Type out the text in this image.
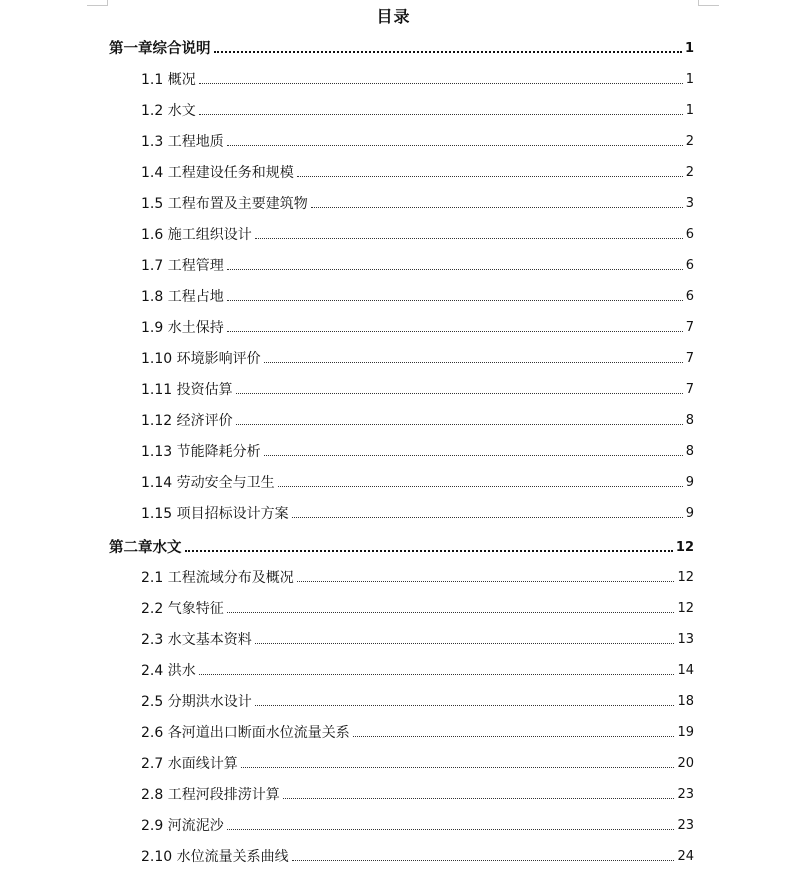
目录
第一章综合说明	1
1.1 概况	1
1.2 水文	1
1.3 工程地质	2
1.4 工程建设任务和规模	2
1.5 工程布置及主要建筑物	3
1.6 施工组织设计	6
1.7 工程管理	6
1.8 工程占地	6
1.9 水土保持	7
1.10 环境影响评价	7
1.11 投资估算	7
1.12 经济评价	8
1.13 节能降耗分析	8
1.14 劳动安全与卫生	9
1.15 项目招标设计方案	9
第二章水文	12
2.1 工程流域分布及概况	12
2.2 气象特征	12
2.3 水文基本资料	13
2.4 洪水	14
2.5 分期洪水设计	18
2.6 各河道出口断面水位流量关系	19
2.7 水面线计算	20
2.8 工程河段排涝计算	23
2.9 河流泥沙	23
2.10 水位流量关系曲线	24
